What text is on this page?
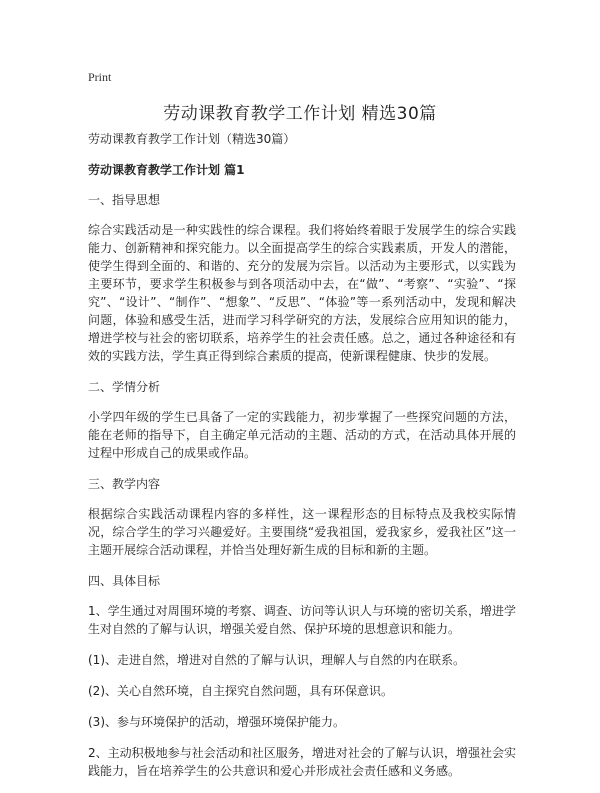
Print
劳动课教育教学工作计划 精选30篇

劳动课教育教学工作计划（精选30篇）

劳动课教育教学工作计划 篇1

一、指导思想

综合实践活动是一种实践性的综合课程。我们将始终着眼于发展学生的综合实践能力、创新精神和探究能力。以全面提高学生的综合实践素质，开发人的潜能，使学生得到全面的、和谐的、充分的发展为宗旨。以活动为主要形式，以实践为主要环节，要求学生积极参与到各项活动中去，在“做”、“考察”、“实验”、“探究”、“设计”、“制作”、“想象”、“反思”、“体验”等一系列活动中，发现和解决问题，体验和感受生活，进而学习科学研究的方法，发展综合应用知识的能力，增进学校与社会的密切联系，培养学生的社会责任感。总之，通过各种途径和有效的实践方法，学生真正得到综合素质的提高，使新课程健康、快步的发展。

二、学情分析

小学四年级的学生已具备了一定的实践能力，初步掌握了一些探究问题的方法，能在老师的指导下，自主确定单元活动的主题、活动的方式，在活动具体开展的过程中形成自己的成果或作品。

三、教学内容

根据综合实践活动课程内容的多样性，这一课程形态的目标特点及我校实际情况，综合学生的学习兴趣爱好。主要围绕“爱我祖国，爱我家乡，爱我社区”这一主题开展综合活动课程，并恰当处理好新生成的目标和新的主题。

四、具体目标

1、学生通过对周围环境的考察、调查、访问等认识人与环境的密切关系，增进学生对自然的了解与认识，增强关爱自然、保护环境的思想意识和能力。

(1)、走进自然，增进对自然的了解与认识，理解人与自然的内在联系。

(2)、关心自然环境，自主探究自然问题，具有环保意识。

(3)、参与环境保护的活动，增强环境保护能力。

2、主动积极地参与社会活动和社区服务，增进对社会的了解与认识，增强社会实践能力，旨在培养学生的公共意识和爱心并形成社会责任感和义务感。
